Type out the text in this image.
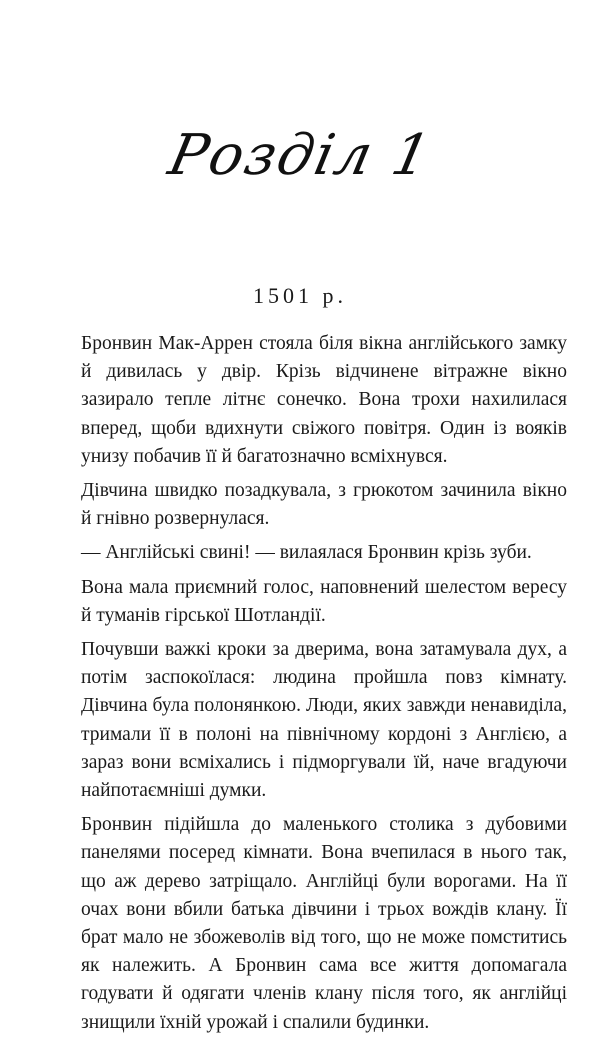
Розділ 1
1501 р.

Бронвин Мак-Аррен стояла біля вікна англійського замку й дивилась у двір. Крізь відчинене вітражне вікно зазирало тепле літнє сонечко. Вона трохи нахилилася вперед, щоби вдихнути свіжого повітря. Один із вояків унизу побачив її й багатозначно всміхнувся.

Дівчина швидко позадкувала, з грюкотом зачинила вікно й гнівно розвернулася.

— Англійські свині! — вилаялася Бронвин крізь зуби.

Вона мала приємний голос, наповнений шелестом вересу й туманів гірської Шотландії.

Почувши важкі кроки за дверима, вона затамувала дух, а потім заспокоїлася: людина пройшла повз кімнату. Дівчина була полонянкою. Люди, яких завжди ненавиділа, тримали її в полоні на північному кордоні з Англією, а зараз вони всміхались і підморгували їй, наче вгадуючи найпотаємніші думки.

Бронвин підійшла до маленького столика з дубовими панелями посеред кімнати. Вона вчепилася в нього так, що аж дерево затріщало. Англійці були ворогами. На її очах вони вбили батька дівчини і трьох вождів клану. Її брат мало не збожеволів від того, що не може помститись як належить. А Бронвин сама все життя допомагала годувати й одягати членів клану після того, як англійці знищили їхній урожай і спалили будинки.
